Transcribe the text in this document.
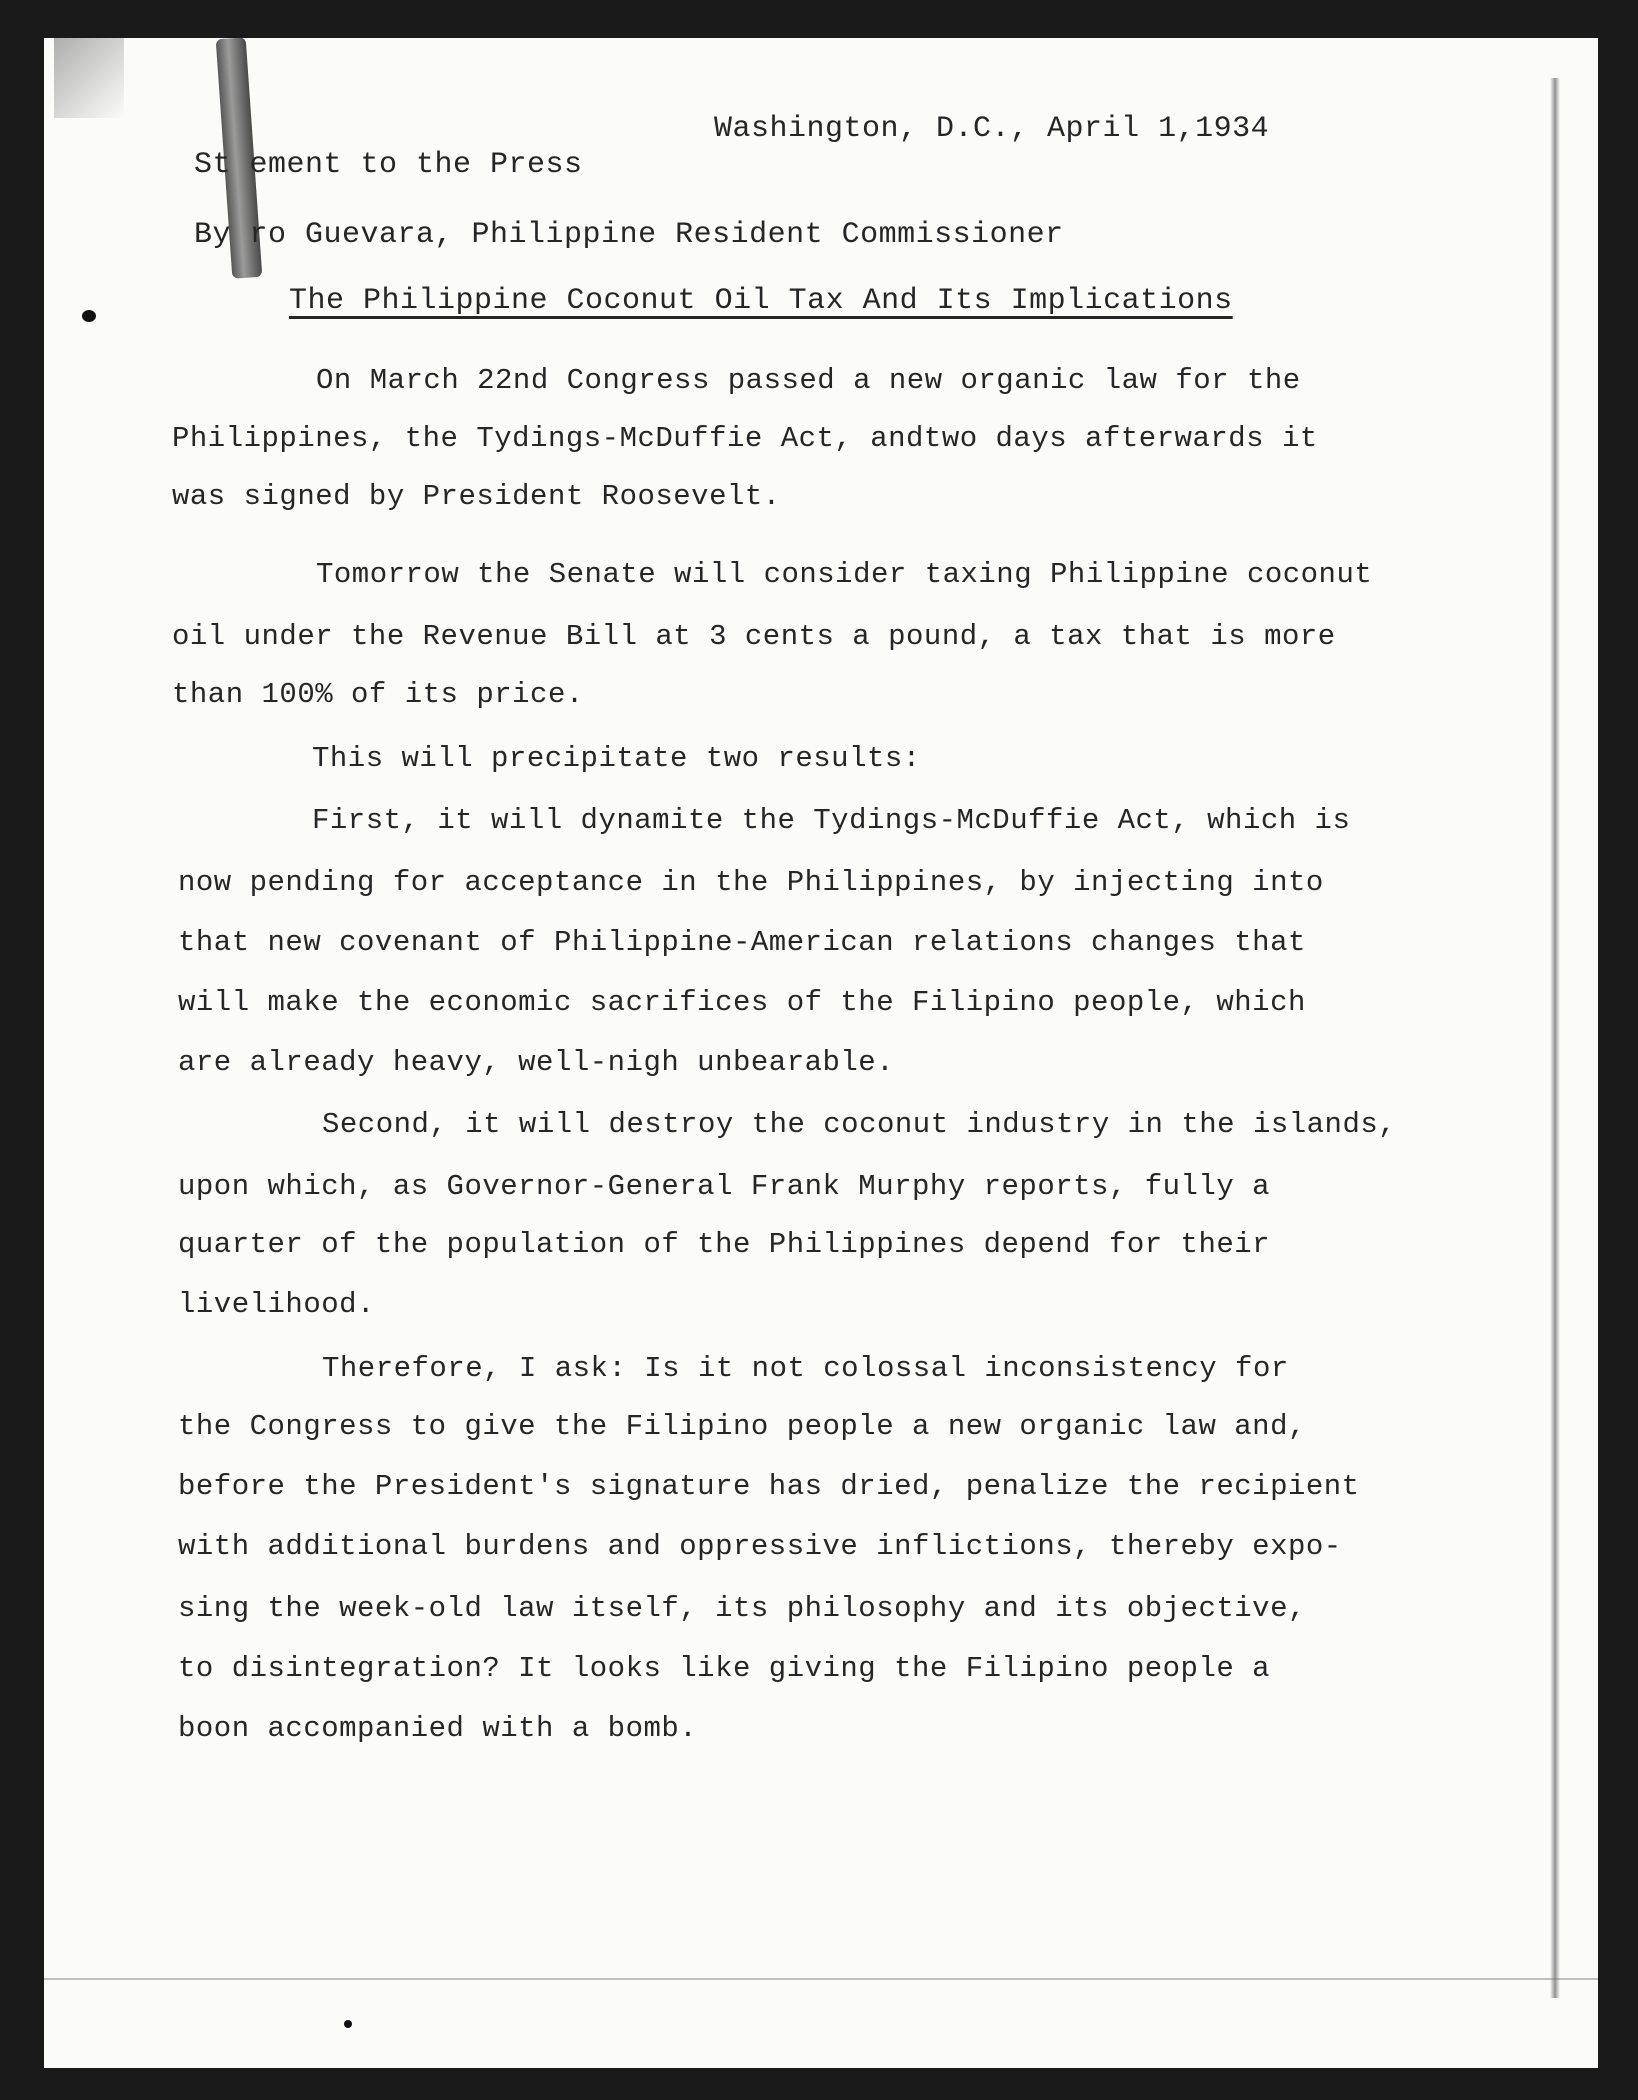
Washington, D.C., April 1,1934
St ement to the Press
By ro Guevara, Philippine Resident Commissioner
The Philippine Coconut Oil Tax And Its Implications
On March 22nd Congress passed a new organic law for the
Philippines, the Tydings-McDuffie Act, andtwo days afterwards it
was signed by President Roosevelt.
Tomorrow the Senate will consider taxing Philippine coconut
oil under the Revenue Bill at 3 cents a pound, a tax that is more
than 100% of its price.
This will precipitate two results:
First, it will dynamite the Tydings-McDuffie Act, which is
now pending for acceptance in the Philippines, by injecting into
that new covenant of Philippine-American relations changes that
will make the economic sacrifices of the Filipino people, which
are already heavy, well-nigh unbearable.
Second, it will destroy the coconut industry in the islands,
upon which, as Governor-General Frank Murphy reports, fully a
quarter of the population of the Philippines depend for their
livelihood.
Therefore, I ask: Is it not colossal inconsistency for
the Congress to give the Filipino people a new organic law and,
before the President's signature has dried, penalize the recipient
with additional burdens and oppressive inflictions, thereby expo-
sing the week-old law itself, its philosophy and its objective,
to disintegration? It looks like giving the Filipino people a
boon accompanied with a bomb.
